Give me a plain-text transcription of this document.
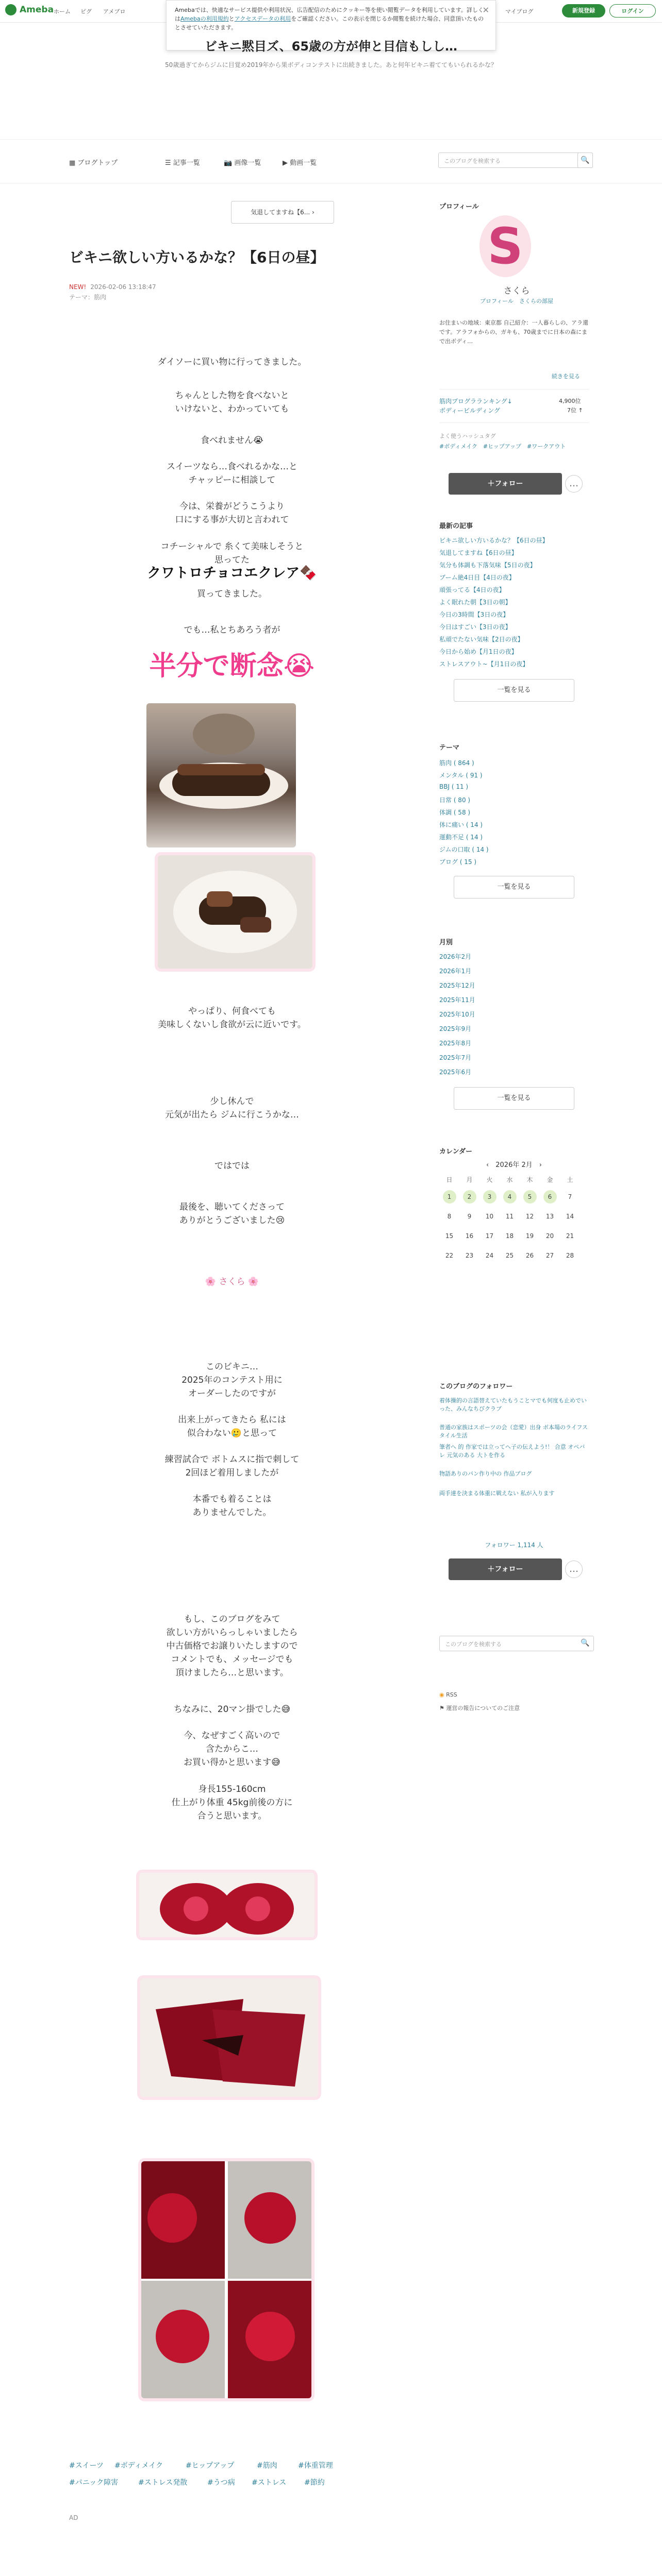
Ameba ホーム ピグ アメブロ	マイブログ	新規登録	ログイン
Amebaでは、快適なサービス提供や利用状況、広告配信のためにクッキー等を使い閲覧データを利用しています。詳しくはAmebaの利用規約とアクセスデータの利用をご確認ください。この表示を閉じるか閲覧を続けた場合、同意頂いたものとさせていただきます。
✕
ビキニ黙目ズ、65歳の方が伸と目信もしし…

50歳過ぎてからジムに目覚め2019年から果ボディコンテストに出続きました。あと何年ビキニ着ててもいられるかな？

▦ ブログトップ	☰ 記事一覧	📷 画像一覧	▶ 動画一覧	このブログを検索する	🔍
気退してますね【6... ›
ビキニ欲しい方いるかな？【6日の昼】
NEW! 2026-02-06 13:18:47
テーマ：筋肉
ダイソーに買い物に行ってきました。
ちゃんとした物を食べないと
いけないと、わかっていても
食べれません😭
スイーツなら…食べれるかな…と
チャッピーに相談して
今は、栄養がどうこうより
口にする事が大切と言われて
コチーシャルで 糸くて美味しそうと
思ってた
クワトロチョコエクレア🍫
買ってきました。
でも…私とちあろう者が
半分で断念😭
やっぱり、何食べても
美味しくないし食欲が云に近いです。
少し休んで
元気が出たら ジムに行こうかな…
ではでは
最後を、聴いてくださって
ありがとうございました😢
🌸 さくら 🌸
このビキニ…
2025年のコンテスト用に
オーダーしたのですが
出来上がってきたら 私には
似合わない🥲と思って
練習試合で ボトムスに指で刺して
2回ほど着用しましたが
本番でも着ることは
ありませんでした。
もし、このブログをみて
欲しい方がいらっしゃいましたら
中古価格でお譲りいたしますので
コメントでも、メッセージでも
頂けましたら…と思います。
ちなみに、20マン掛でした😅
今、なぜすごく高いので
含たからこ…
お買い得かと思います😅
身長155-160cm
仕上がり体重 45kg前後の方に
合うと思います。
#スイーツ #ボディメイク	#ヒップアップ	#筋肉	#体重管理
#パニック障害	#ストレス発散	#うつ病 #ストレス #節約
AD
プロフィール
S
さくら
プロフィール　 さくらの部屋
お住まいの地域：東京都 自己紹介：一人暮らしの、アラ還です。アラフォからの、ガキも、70歳までに日本の森にまで出ボディ…
続きを見る
筋肉プログラランキング↓	4,900位
ボディービルディング	7位 ↑
よく使うハッシュタグ
#ボディメイク　 #ヒップアップ　 #ワークアウト
＋フォロー	…
最新の記事
ビキニ欲しい方いるかな？【6日の昼】
気退してますね【6日の昼】
気分も体調も下落気味【5日の夜】
ブーム絶4日目【4日の夜】
頑張ってる【4日の夜】
よく眠れた朝【3日の朝】
今日の3時間【3日の夜】
今日はすごい【3日の夜】
私頑でたない気味【2日の夜】
今日から始め【月1日の夜】
ストレスアウト~【月1日の夜】
一覧を見る
テーマ
筋肉 ( 864 )
メンタル ( 91 )
BBJ ( 11 )
日常 ( 80 )
体調 ( 58 )
体に痛い ( 14 )
運動不足 ( 14 )
ジムの口取 ( 14 )
ブログ ( 15 )
一覧を見る
月別
2026年2月
2026年1月
2025年12月
2025年11月
2025年10月
2025年9月
2025年8月
2025年7月
2025年6月
一覧を見る
カレンダー
‹　2026年 2月　›
日	月	火	水	木	金	土
1	2	3	4	5	6	7
8	9	10	11	12	13	14
15	16	17	18	19	20	21
22	23	24	25	26	27	28
このブログのフォロワー
着体操的の言語替えていたもうことマでも何度も止めでいった、みんなちびクラブ
普通の家族はスポーツの会（恋愛）出身 ボ本場のライフスタイル生活
筆者へ 的 作家では立ってへ子の伝えよう!！ 合意 オペバレ 元気のある 大トを作る
物語ありのパン作り中の 作品ブログ
両手達を決まる体重に戦えない 私が入ります
フォロワー 1,114 人
＋フォロー	…
このブログを検索する	🔍
◉ RSS
⚑ 運営の報告についてのご注意
